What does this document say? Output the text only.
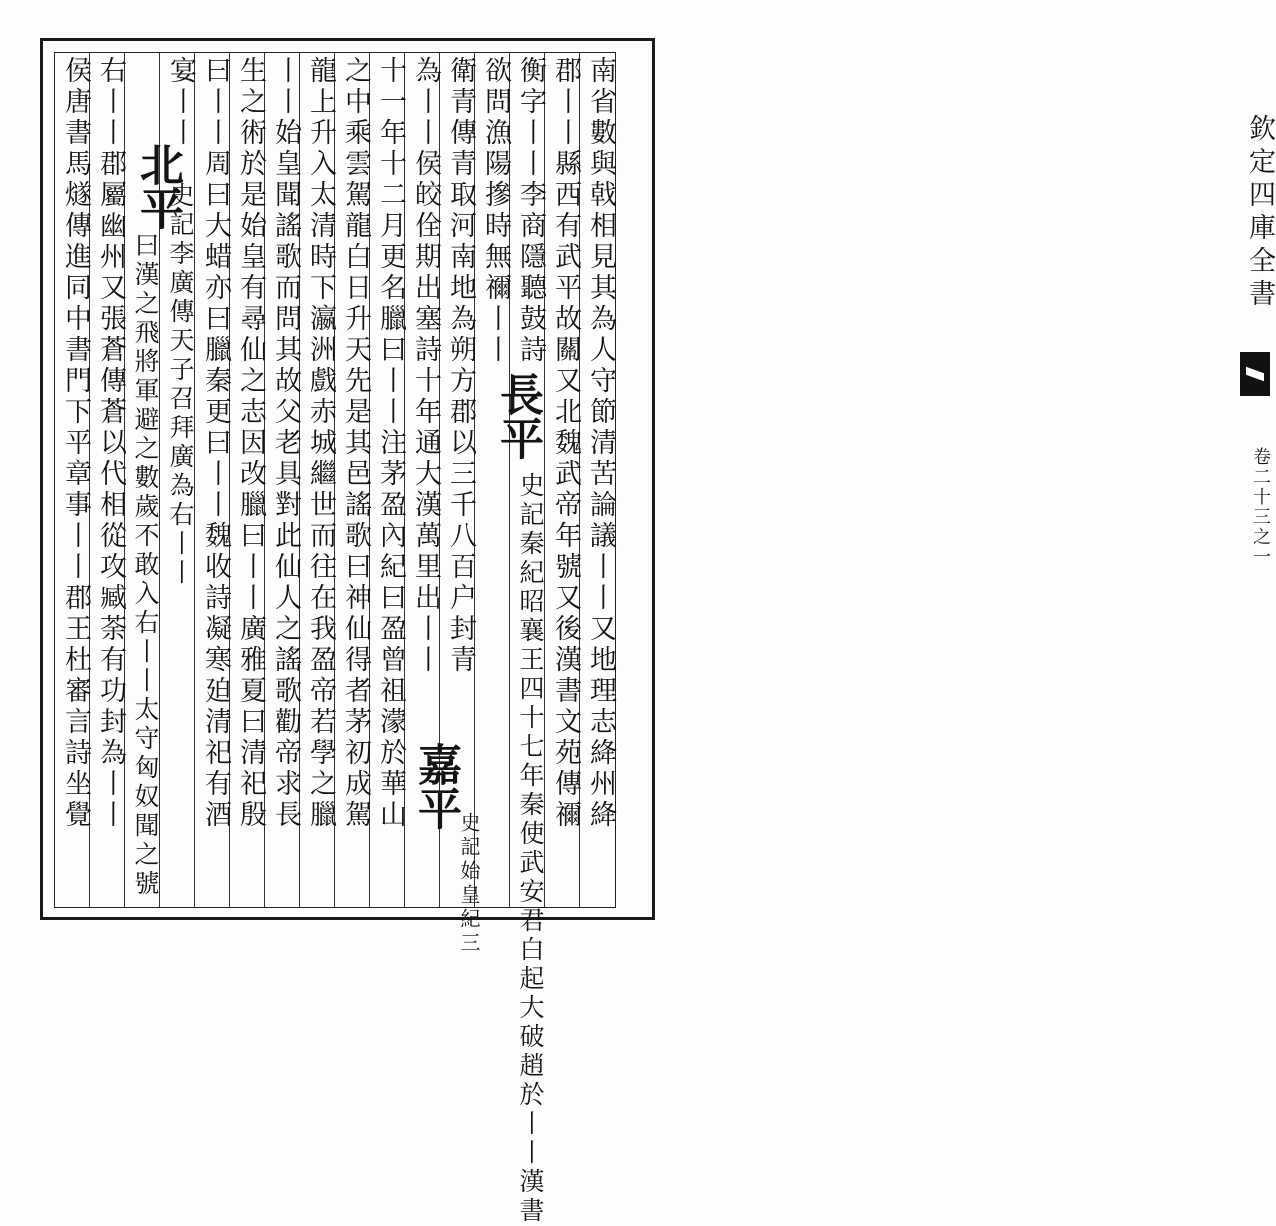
欽定四庫全書
卷二十三之一
南省數與戟相見其為人守節清苦論議丨丨又地理志絳州絳
郡丨丨縣西有武平故關又北魏武帝年號又後漢書文苑傳禰
衡字丨丨李商隱聽鼓詩
欲問漁陽摻時無禰丨丨
長平
史記秦紀昭襄王四十七年秦使武安君白起大破趙於丨丨漢書
衛青傳青取河南地為朔方郡以三千八百户封青
為丨丨侯皎佺期出塞詩十年通大漢萬里出丨丨
嘉平
史記始皇紀三
十一年十二月更名臘曰丨丨注茅盈內紀曰盈曾祖濛於華山
之中乘雲駕龍白日升天先是其邑謠歌曰神仙得者茅初成駕
龍上升入太清時下瀛洲戲赤城繼世而往在我盈帝若學之臘
丨丨始皇聞謠歌而問其故父老具對此仙人之謠歌勸帝求長
生之術於是始皇有尋仙之志因改臘曰丨丨廣雅夏曰清祀殷
曰丨丨周曰大蜡亦曰臘秦更曰丨丨魏收詩凝寒廹清祀有酒
宴丨丨
北平
史記李廣傳天子召拜廣為右丨丨
曰漢之飛將軍避之數歲不敢入右丨丨太守匈奴聞之號
右丨丨郡屬幽州又張蒼傳蒼以代相從攻臧荼有功封為丨丨
侯唐書馬燧傳進同中書門下平章事丨丨郡王杜審言詩坐覺
